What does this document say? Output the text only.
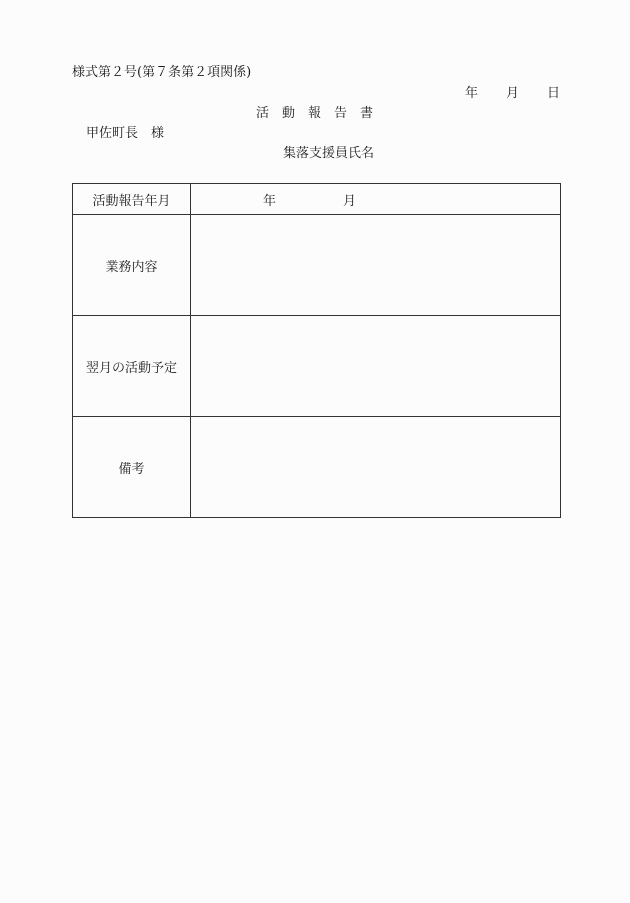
様式第２号(第７条第２項関係)
年 月 日
活　動　報　告　書
甲佐町長　様
集落支援員氏名
活動報告年月	年 月
業務内容	
翌月の活動予定	
備考	
